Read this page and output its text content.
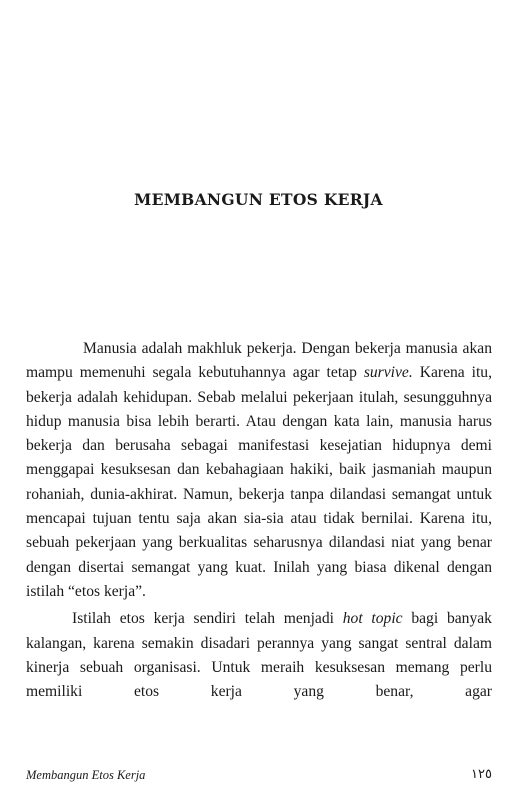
MEMBANGUN ETOS KERJA

Manusia adalah makhluk pekerja. Dengan bekerja manusia akan mampu memenuhi segala kebutuhannya agar tetap survive. Karena itu, bekerja adalah kehidupan. Sebab melalui pekerjaan itulah, sesungguhnya hidup manusia bisa lebih berarti. Atau dengan kata lain, manusia harus bekerja dan berusaha sebagai manifestasi kesejatian hidupnya demi menggapai kesuksesan dan kebahagiaan hakiki, baik jasmaniah maupun rohaniah, dunia-akhirat. Namun, bekerja tanpa dilandasi semangat untuk mencapai tujuan tentu saja akan sia-sia atau tidak bernilai. Karena itu, sebuah pekerjaan yang berkualitas seharusnya dilandasi niat yang benar dengan disertai semangat yang kuat. Inilah yang biasa dikenal dengan istilah “etos kerja”.

Istilah etos kerja sendiri telah menjadi hot topic bagi banyak kalangan, karena semakin disadari perannya yang sangat sentral dalam kinerja sebuah organisasi. Untuk meraih kesuksesan memang perlu memiliki etos kerja yang benar, agar

Membangun Etos Kerja	١٢٥
